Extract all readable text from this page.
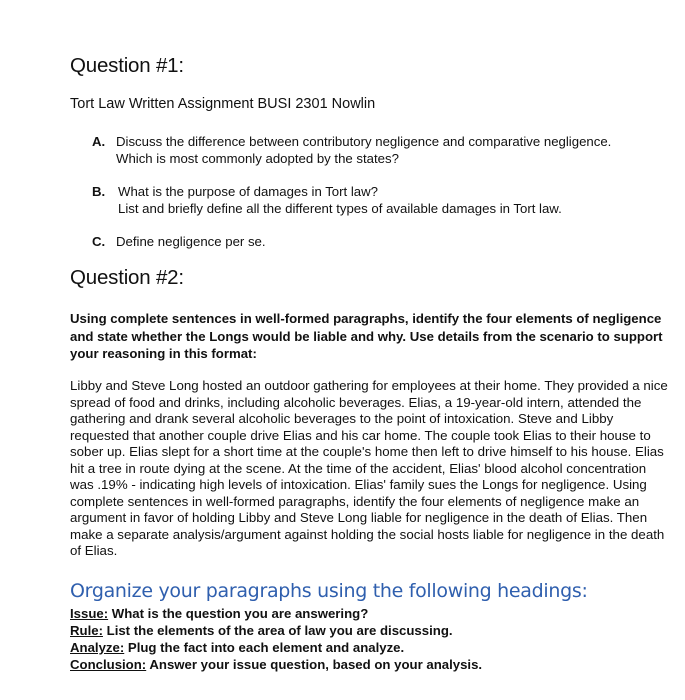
Question #1:
Tort Law Written Assignment BUSI 2301 Nowlin
A. Discuss the difference between contributory negligence and comparative negligence.
Which is most commonly adopted by the states?
B. What is the purpose of damages in Tort law?
List and briefly define all the different types of available damages in Tort law.
C. Define negligence per se.
Question #2:

Using complete sentences in well-formed paragraphs, identify the four elements of negligence and state whether the Longs would be liable and why. Use details from the scenario to support your reasoning in this format:

Libby and Steve Long hosted an outdoor gathering for employees at their home. They provided a nice spread of food and drinks, including alcoholic beverages. Elias, a 19-year-old intern, attended the gathering and drank several alcoholic beverages to the point of intoxication. Steve and Libby requested that another couple drive Elias and his car home. The couple took Elias to their house to sober up. Elias slept for a short time at the couple's home then left to drive himself to his house. Elias hit a tree in route dying at the scene. At the time of the accident, Elias' blood alcohol concentration was .19% - indicating high levels of intoxication. Elias' family sues the Longs for negligence. Using complete sentences in well-formed paragraphs, identify the four elements of negligence make an argument in favor of holding Libby and Steve Long liable for negligence in the death of Elias. Then make a separate analysis/argument against holding the social hosts liable for negligence in the death of Elias.

Organize your paragraphs using the following headings:
Issue: What is the question you are answering?
Rule: List the elements of the area of law you are discussing.
Analyze: Plug the fact into each element and analyze.
Conclusion: Answer your issue question, based on your analysis.
